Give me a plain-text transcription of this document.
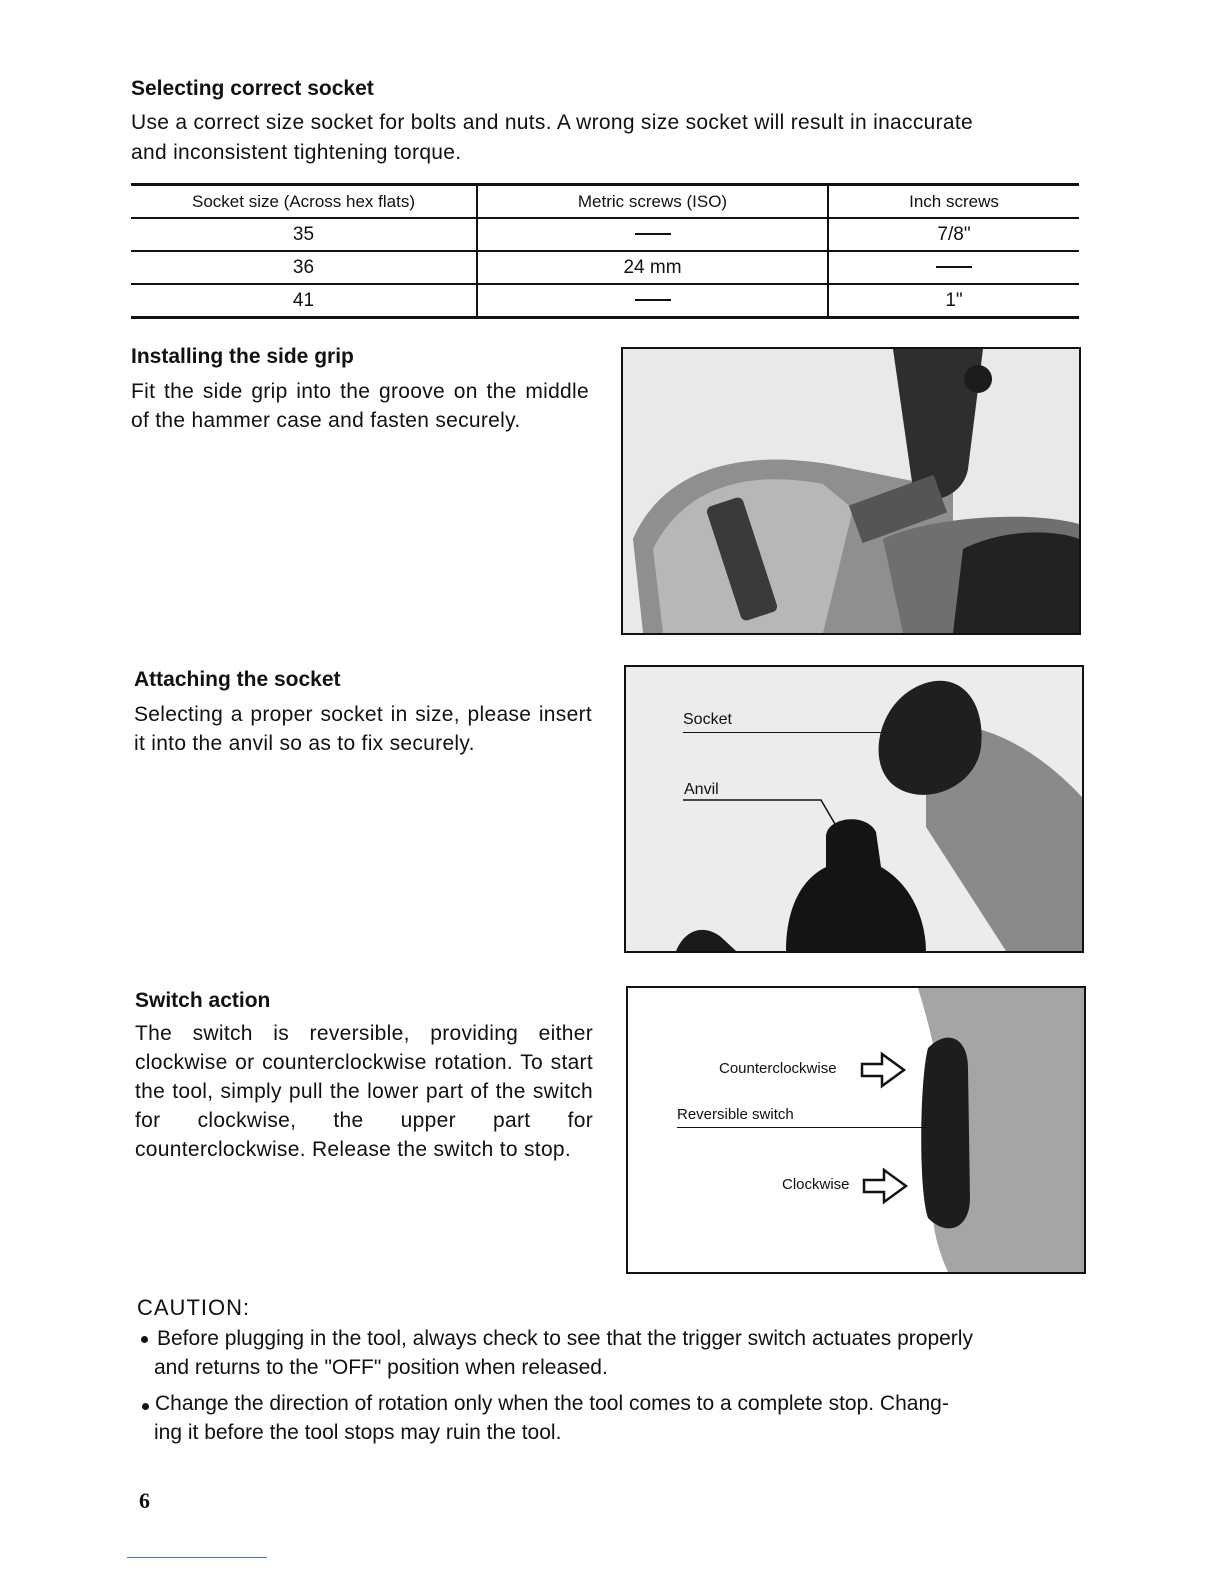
Selecting correct socket

Use a correct size socket for bolts and nuts. A wrong size socket will result in inaccurate

and inconsistent tightening torque.

Socket size (Across hex flats)	Metric screws (ISO)	Inch screws
35		7/8"
36	24 mm	
41		1"
Installing the side grip

Fit the side grip into the groove on the middle of the hammer case and fasten securely.

Attaching the socket

Selecting a proper socket in size, please insert it into the anvil so as to fix securely.

Socket
Anvil
Switch action

The switch is reversible, providing either clockwise or counterclockwise rotation. To start the tool, simply pull the lower part of the switch for clockwise, the upper part for counterclockwise. Release the switch to stop.

Counterclockwise
Reversible switch
Clockwise
CAUTION:
Before plugging in the tool, always check to see that the trigger switch actuates properly
and returns to the "OFF" position when released.
Change the direction of rotation only when the tool comes to a complete stop. Chang-
ing it before the tool stops may ruin the tool.
6
